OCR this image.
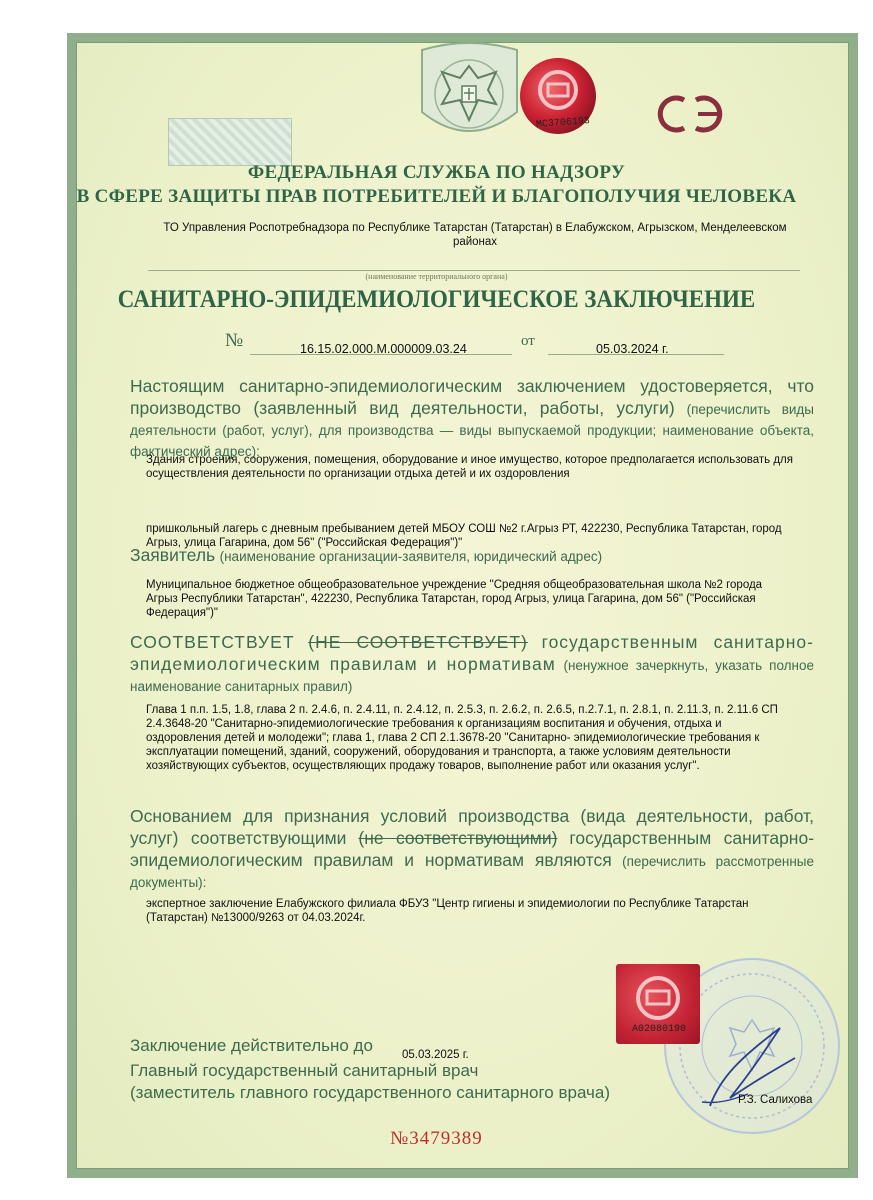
МС3706193
ФЕДЕРАЛЬНАЯ СЛУЖБА ПО НАДЗОРУ
В СФЕРЕ ЗАЩИТЫ ПРАВ ПОТРЕБИТЕЛЕЙ И БЛАГОПОЛУЧИЯ ЧЕЛОВЕКА
ТО Управления Роспотребнадзора по Республике Татарстан (Татарстан) в Елабужском, Агрызском, Менделеевском районах
(наименование территориального органа)
САНИТАРНО-ЭПИДЕМИОЛОГИЧЕСКОЕ ЗАКЛЮЧЕНИЕ
№	16.15.02.000.М.000009.03.24	от	05.03.2024 г.
Настоящим санитарно-эпидемиологическим заключением удостоверяется, что производство (заявленный вид деятельности, работы, услуги) (перечислить виды деятельности (работ, услуг), для производства — виды выпускаемой продукции; наименование объекта, фактический адрес):
Здания строения, сооружения, помещения, оборудование и иное имущество, которое предполагается использовать для осуществления деятельности по организации отдыха детей и их оздоровления
пришкольный лагерь с дневным пребыванием детей МБОУ СОШ №2 г.Агрыз РТ, 422230, Республика Татарстан, город Агрыз, улица Гагарина, дом 56" ("Российская Федерация")"
Заявитель (наименование организации-заявителя, юридический адрес)
Муниципальное бюджетное общеобразовательное учреждение "Средняя общеобразовательная школа №2 города Агрыз Республики Татарстан", 422230, Республика Татарстан, город Агрыз, улица Гагарина, дом 56" ("Российская Федерация")"
СООТВЕТСТВУЕТ (НЕ СООТВЕТСТВУЕТ) государственным санитарно-эпидемиологическим правилам и нормативам (ненужное зачеркнуть, указать полное наименование санитарных правил)
Глава 1 п.п. 1.5, 1.8, глава 2 п. 2.4.6, п. 2.4.11, п. 2.4.12, п. 2.5.3, п. 2.6.2, п. 2.6.5, п.2.7.1, п. 2.8.1, п. 2.11.3, п. 2.11.6 СП 2.4.3648-20 "Санитарно-эпидемиологические требования к организациям воспитания и обучения, отдыха и оздоровления детей и молодежи"; глава 1, глава 2 СП 2.1.3678-20 "Санитарно- эпидемиологические требования к эксплуатации помещений, зданий, сооружений, оборудования и транспорта, а также условиям деятельности хозяйствующих субъектов, осуществляющих продажу товаров, выполнение работ или оказания услуг".
Основанием для признания условий производства (вида деятельности, работ, услуг) соответствующими (не соответствующими) государственным санитарно-эпидемиологическим правилам и нормативам являются (перечислить рассмотренные документы):
экспертное заключение Елабужского филиала ФБУЗ "Центр гигиены и эпидемиологии по Республике Татарстан (Татарстан) №13000/9263 от 04.03.2024г.
А02080190
Заключение действительно до	05.03.2025 г.
Главный государственный санитарный врач
(заместитель главного государственного санитарного врача)	Р.З. Салихова
№3479389
